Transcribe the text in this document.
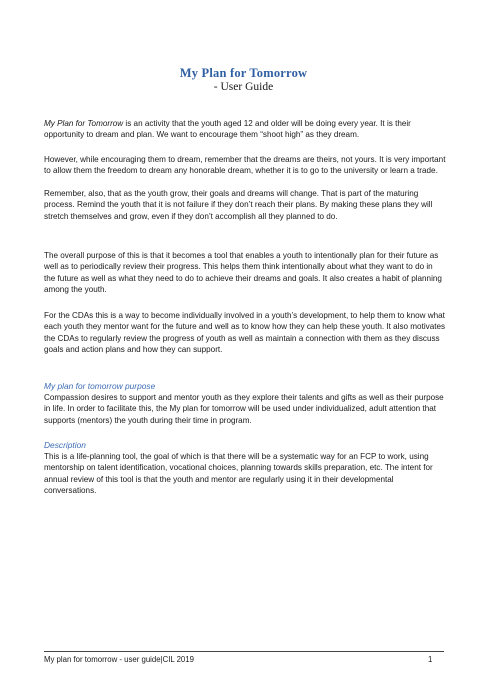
My Plan for Tomorrow
- User Guide

My Plan for Tomorrow is an activity that the youth aged 12 and older will be doing every year. It is their opportunity to dream and plan. We want to encourage them “shoot high” as they dream.

However, while encouraging them to dream, remember that the dreams are theirs, not yours. It is very important to allow them the freedom to dream any honorable dream, whether it is to go to the university or learn a trade.

Remember, also, that as the youth grow, their goals and dreams will change. That is part of the maturing process. Remind the youth that it is not failure if they don’t reach their plans. By making these plans they will stretch themselves and grow, even if they don’t accomplish all they planned to do.

The overall purpose of this is that it becomes a tool that enables a youth to intentionally plan for their future as well as to periodically review their progress. This helps them think intentionally about what they want to do in the future as well as what they need to do to achieve their dreams and goals. It also creates a habit of planning among the youth.

For the CDAs this is a way to become individually involved in a youth’s development, to help them to know what each youth they mentor want for the future and well as to know how they can help these youth. It also motivates the CDAs to regularly review the progress of youth as well as maintain a connection with them as they discuss goals and action plans and how they can support.

My plan for tomorrow purpose

Compassion desires to support and mentor youth as they explore their talents and gifts as well as their purpose in life. In order to facilitate this, the My plan for tomorrow will be used under individualized, adult attention that supports (mentors) the youth during their time in program.

Description

This is a life-planning tool, the goal of which is that there will be a systematic way for an FCP to work, using mentorship on talent identification, vocational choices, planning towards skills preparation, etc. The intent for annual review of this tool is that the youth and mentor are regularly using it in their developmental conversations.

My plan for tomorrow - user guide|CIL 2019	1
